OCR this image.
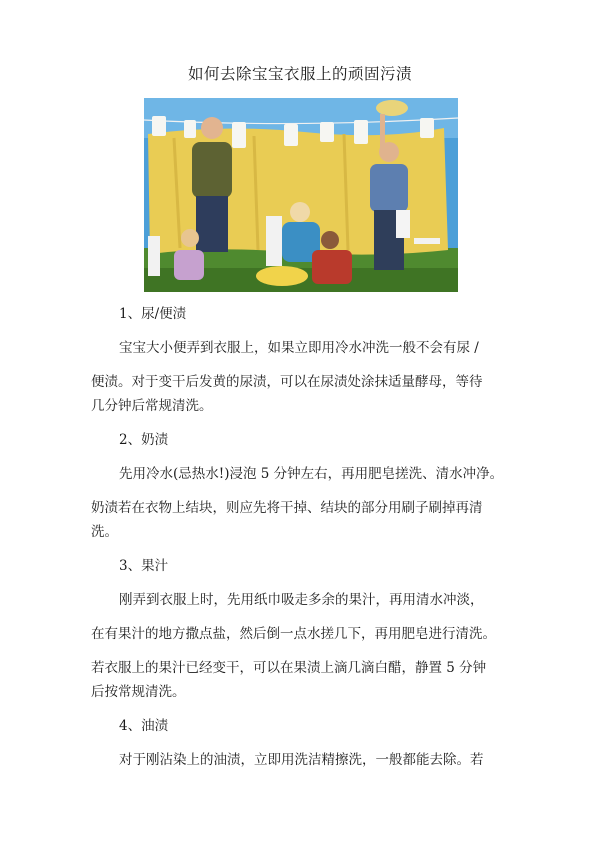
如何去除宝宝衣服上的顽固污渍
1、尿/便渍
宝宝大小便弄到衣服上，如果立即用冷水冲洗一般不会有尿 /
便渍。对于变干后发黄的尿渍，可以在尿渍处涂抹适量酵母，等待
几分钟后常规清洗。
2、奶渍
先用冷水(忌热水!)浸泡 5 分钟左右，再用肥皂搓洗、清水冲净。
奶渍若在衣物上结块，则应先将干掉、结块的部分用刷子刷掉再清
洗。
3、果汁
刚弄到衣服上时，先用纸巾吸走多余的果汁，再用清水冲淡，
在有果汁的地方撒点盐，然后倒一点水搓几下，再用肥皂进行清洗。
若衣服上的果汁已经变干，可以在果渍上滴几滴白醋，静置 5 分钟
后按常规清洗。
4、油渍
对于刚沾染上的油渍，立即用洗洁精擦洗，一般都能去除。若
